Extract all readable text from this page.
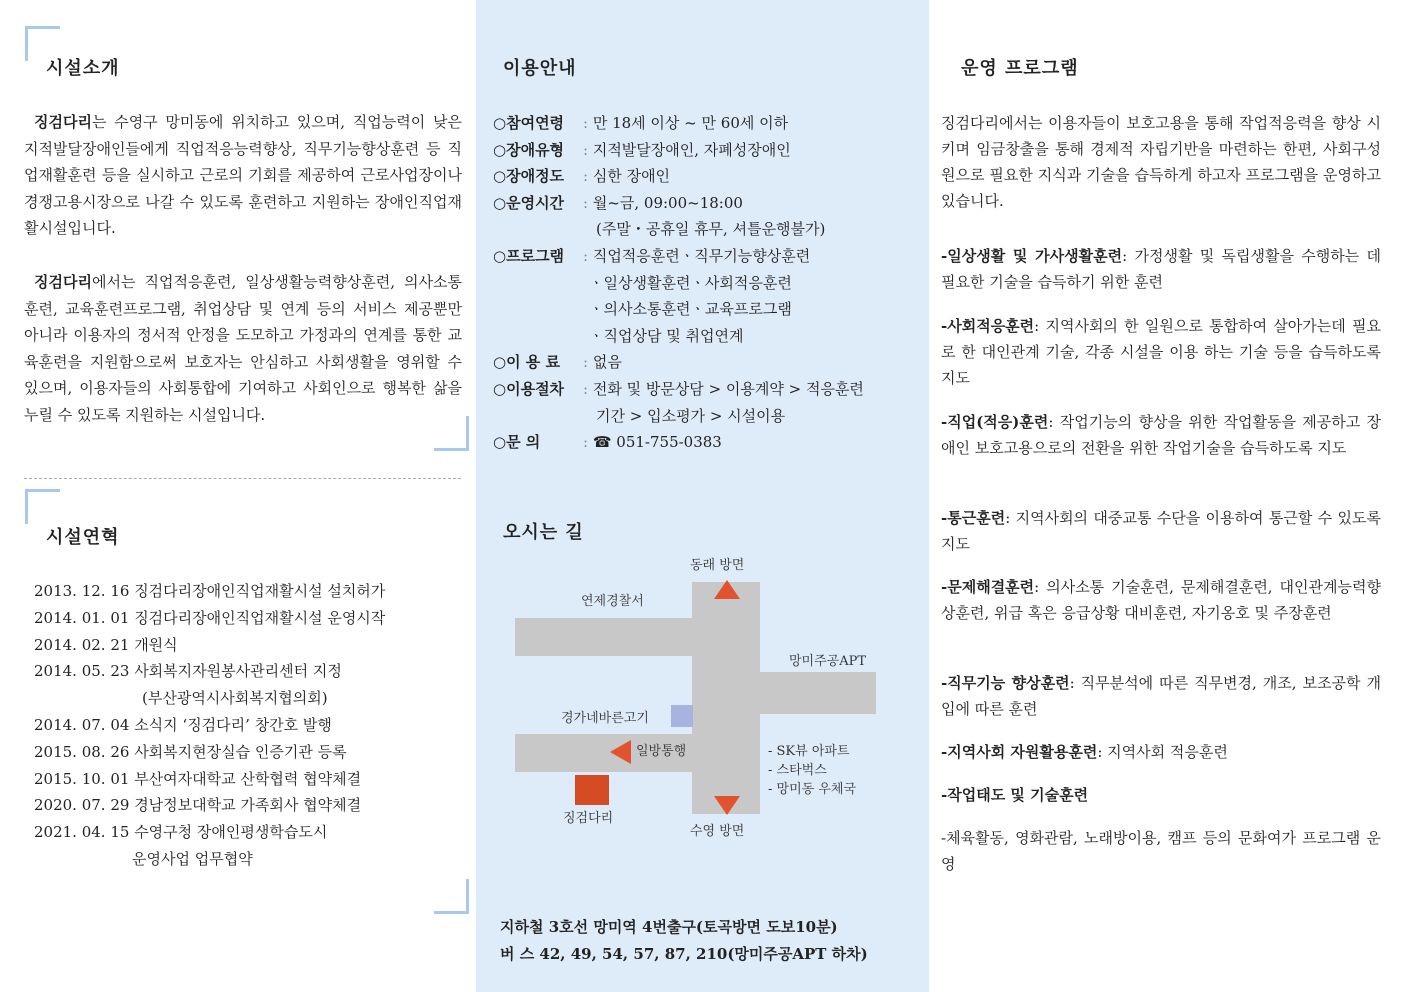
시설소개

징검다리는 수영구 망미동에 위치하고 있으며, 직업능력이 낮은 지적발달장애인들에게 직업적응능력향상, 직무기능향상훈련 등 직업재활훈련 등을 실시하고 근로의 기회를 제공하여 근로사업장이나 경쟁고용시장으로 나갈 수 있도록 훈련하고 지원하는 장애인직업재활시설입니다.

징검다리에서는 직업적응훈련, 일상생활능력향상훈련, 의사소통훈련, 교육훈련프로그램, 취업상담 및 연계 등의 서비스 제공뿐만 아니라 이용자의 정서적 안정을 도모하고 가정과의 연계를 통한 교육훈련을 지원함으로써 보호자는 안심하고 사회생활을 영위할 수 있으며, 이용자들의 사회통합에 기여하고 사회인으로 행복한 삶을 누릴 수 있도록 지원하는 시설입니다.

시설연혁
2013. 12. 16 징검다리장애인직업재활시설 설치허가
2014. 01. 01 징검다리장애인직업재활시설 운영시작
2014. 02. 21 개원식
2014. 05. 23 사회복지자원봉사관리센터 지정
(부산광역시사회복지협의회)
2014. 07. 04 소식지 ‘징검다리’ 창간호 발행
2015. 08. 26 사회복지현장실습 인증기관 등록
2015. 10. 01 부산여자대학교 산학협력 협약체결
2020. 07. 29 경남정보대학교 가족회사 협약체결
2021. 04. 15 수영구청 장애인평생학습도시
운영사업 업무협약
이용안내
○참여연령 : 만 18세 이상 ~ 만 60세 이하
○장애유형 : 지적발달장애인, 자폐성장애인
○장애정도 : 심한 장애인
○운영시간 : 월~금, 09:00~18:00
(주말・공휴일 휴무, 셔틀운행불가)
○프로그램 : 직업적응훈련ㆍ직무기능향상훈련
ㆍ일상생활훈련ㆍ사회적응훈련
ㆍ의사소통훈련ㆍ교육프로그램
ㆍ직업상담 및 취업연계
○이 용 료 : 없음
○이용절차 : 전화 및 방문상담 > 이용계약 > 적응훈련
기간 > 입소평가 > 시설이용
○문 의	: ☎ 051-755-0383
오시는 길
동래 방면
수영 방면
연제경찰서
망미주공APT
경가네바른고기
일방통행	- SK뷰 아파트
- 스타벅스
- 망미동 우체국
징검다리
지하철 3호선 망미역 4번출구(토곡방면 도보10분)
버 스 42, 49, 54, 57, 87, 210(망미주공APT 하차)
운영 프로그램

징검다리에서는 이용자들이 보호고용을 통해 작업적응력을 향상 시키며 임금창출을 통해 경제적 자립기반을 마련하는 한편, 사회구성원으로 필요한 지식과 기술을 습득하게 하고자 프로그램을 운영하고 있습니다.

-일상생활 및 가사생활훈련: 가정생활 및 독립생활을 수행하는 데 필요한 기술을 습득하기 위한 훈련

-사회적응훈련: 지역사회의 한 일원으로 통합하여 살아가는데 필요로 한 대인관계 기술, 각종 시설을 이용 하는 기술 등을 습득하도록 지도

-직업(적응)훈련: 작업기능의 향상을 위한 작업활동을 제공하고 장애인 보호고용으로의 전환을 위한 작업기술을 습득하도록 지도

-통근훈련: 지역사회의 대중교통 수단을 이용하여 통근할 수 있도록 지도

-문제해결훈련: 의사소통 기술훈련, 문제해결훈련, 대인관계능력향상훈련, 위급 혹은 응급상황 대비훈련, 자기옹호 및 주장훈련

-직무기능 향상훈련: 직무분석에 따른 직무변경, 개조, 보조공학 개입에 따른 훈련

-지역사회 자원활용훈련: 지역사회 적응훈련

-작업태도 및 기술훈련

-체육활동, 영화관람, 노래방이용, 캠프 등의 문화여가 프로그램 운영
